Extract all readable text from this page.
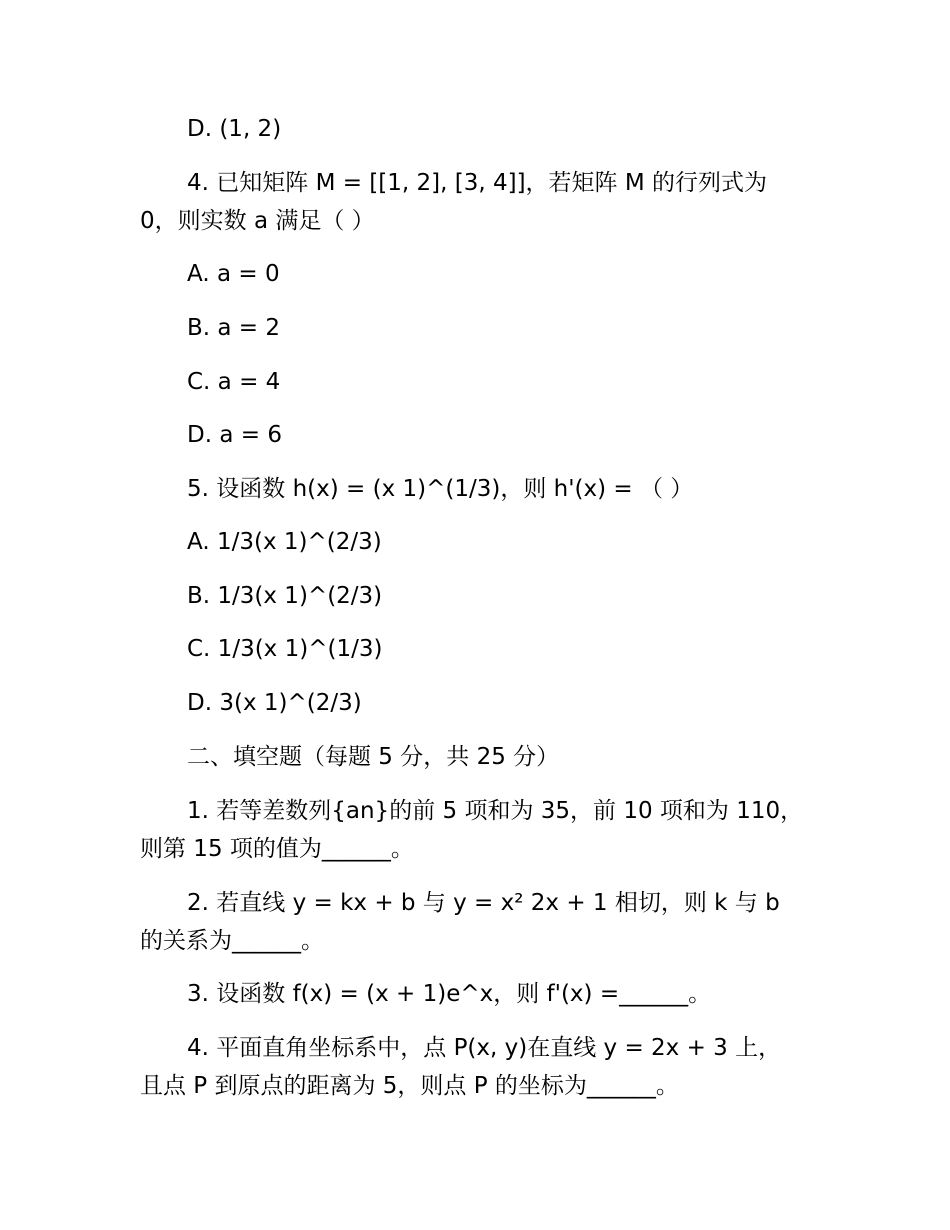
D. (1, 2)
4. 已知矩阵 M = [[1, 2], [3, 4]]，若矩阵 M 的行列式为
0，则实数 a 满足（ ）
A. a = 0
B. a = 2
C. a = 4
D. a = 6
5. 设函数 h(x) = (x 1)^(1/3)，则 h'(x) = （ ）
A. 1/3(x 1)^(2/3)
B. 1/3(x 1)^(2/3)
C. 1/3(x 1)^(1/3)
D. 3(x 1)^(2/3)
二、填空题（每题 5 分，共 25 分）
1. 若等差数列{an}的前 5 项和为 35，前 10 项和为 110，
则第 15 项的值为______。
2. 若直线 y = kx + b 与 y = x² 2x + 1 相切，则 k 与 b
的关系为______。
3. 设函数 f(x) = (x + 1)e^x，则 f'(x) =______。
4. 平面直角坐标系中，点 P(x, y)在直线 y = 2x + 3 上，
且点 P 到原点的距离为 5，则点 P 的坐标为______。
